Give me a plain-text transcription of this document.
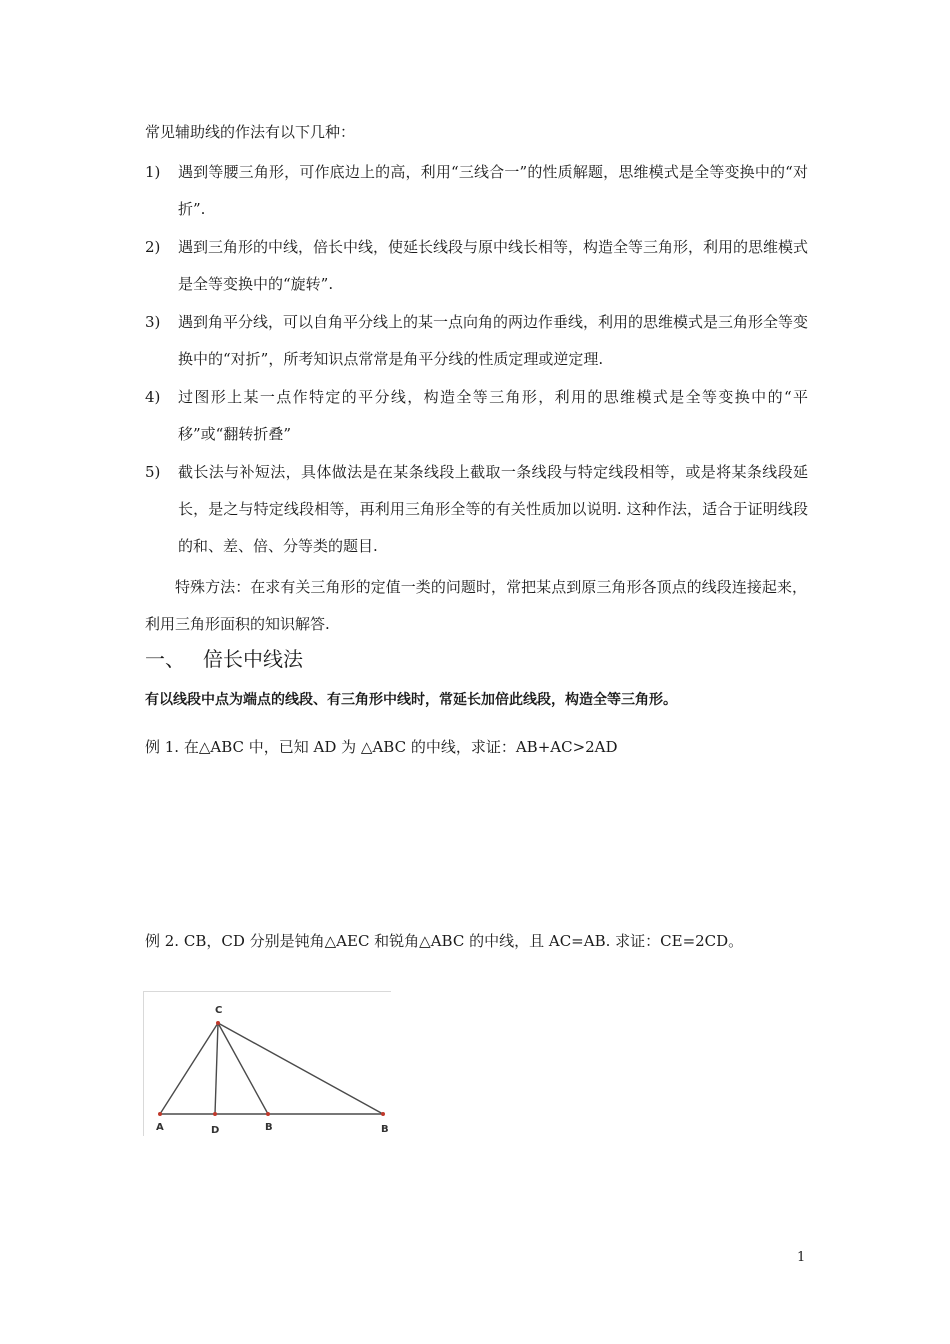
常见辅助线的作法有以下几种：
1) 遇到等腰三角形，可作底边上的高，利用“三线合一”的性质解题，思维模式是全等变换中的“对折”.
2) 遇到三角形的中线，倍长中线，使延长线段与原中线长相等，构造全等三角形，利用的思维模式是全等变换中的“旋转”.
3) 遇到角平分线，可以自角平分线上的某一点向角的两边作垂线，利用的思维模式是三角形全等变换中的“对折”，所考知识点常常是角平分线的性质定理或逆定理.
4) 过图形上某一点作特定的平分线，构造全等三角形，利用的思维模式是全等变换中的“平移”或“翻转折叠”
5) 截长法与补短法，具体做法是在某条线段上截取一条线段与特定线段相等，或是将某条线段延长，是之与特定线段相等，再利用三角形全等的有关性质加以说明. 这种作法，适合于证明线段的和、差、倍、分等类的题目.
特殊方法：在求有关三角形的定值一类的问题时，常把某点到原三角形各顶点的线段连接起来，利用三角形面积的知识解答.
一、 倍长中线法
有以线段中点为端点的线段、有三角形中线时，常延长加倍此线段，构造全等三角形。
例 1. 在△ABC 中，已知 AD 为 △ABC 的中线，求证：AB+AC>2AD
例 2. CB，CD 分别是钝角△AEC 和锐角△ABC 的中线，且 AC=AB. 求证：CE=2CD。
C
A	D	B	B
1
